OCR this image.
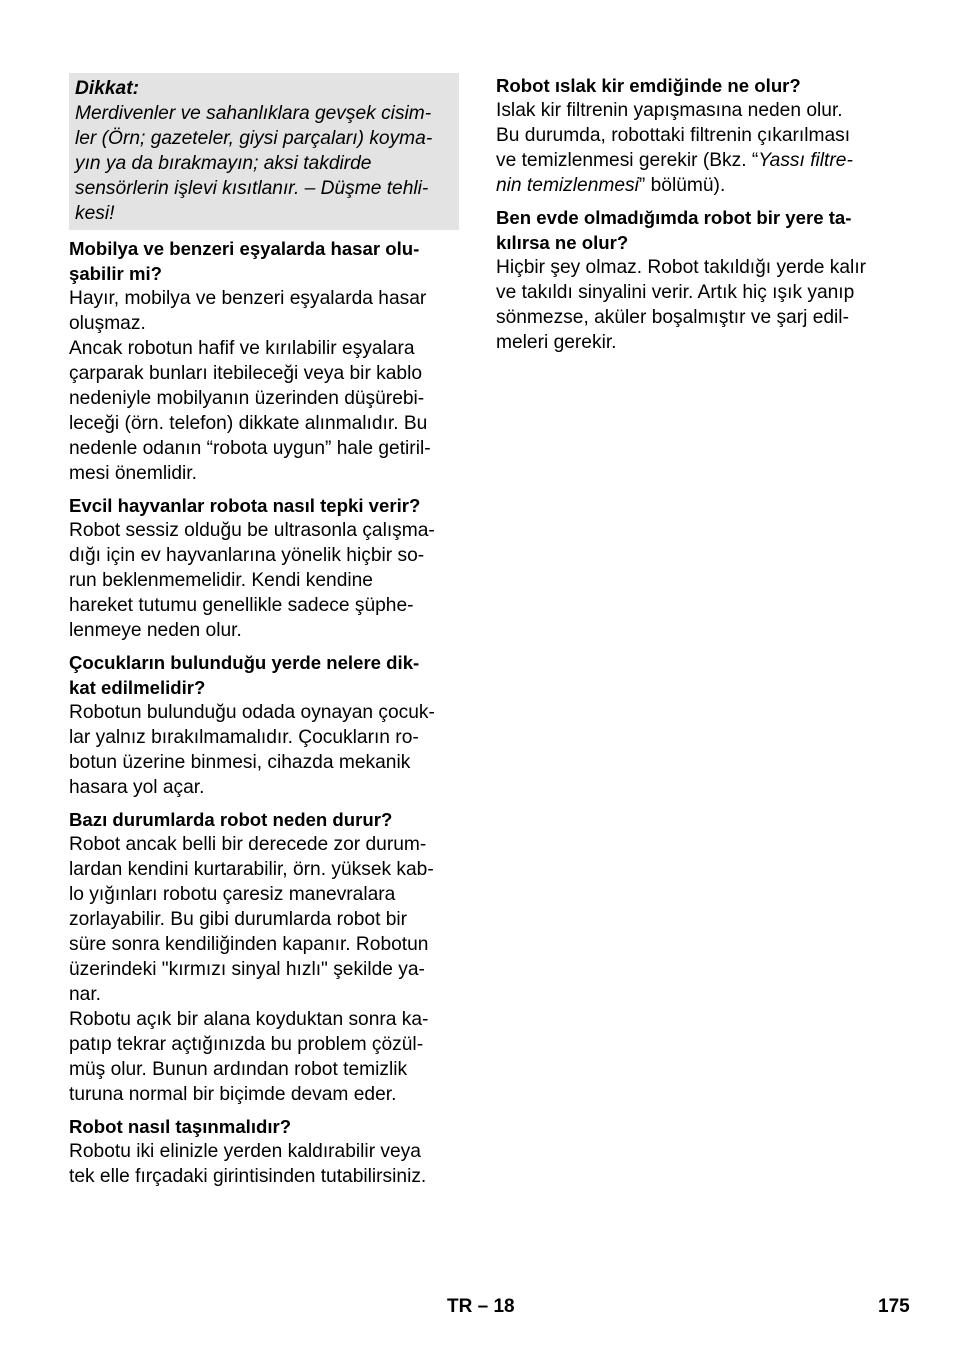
Dikkat:
Merdivenler ve sahanlıklara gevşek cisim-
ler (Örn; gazeteler, giysi parçaları) koyma-
yın ya da bırakmayın; aksi takdirde
sensörlerin işlevi kısıtlanır. – Düşme tehli-
kesi!
Mobilya ve benzeri eşyalarda hasar olu-
şabilir mi?
Hayır, mobilya ve benzeri eşyalarda hasar
oluşmaz.
Ancak robotun hafif ve kırılabilir eşyalara
çarparak bunları itebileceği veya bir kablo
nedeniyle mobilyanın üzerinden düşürebi-
leceği (örn. telefon) dikkate alınmalıdır. Bu
nedenle odanın “robota uygun” hale getiril-
mesi önemlidir.
Evcil hayvanlar robota nasıl tepki verir?
Robot sessiz olduğu be ultrasonla çalışma-
dığı için ev hayvanlarına yönelik hiçbir so-
run beklenmemelidir. Kendi kendine
hareket tutumu genellikle sadece şüphe-
lenmeye neden olur.
Çocukların bulunduğu yerde nelere dik-
kat edilmelidir?
Robotun bulunduğu odada oynayan çocuk-
lar yalnız bırakılmamalıdır. Çocukların ro-
botun üzerine binmesi, cihazda mekanik
hasara yol açar.
Bazı durumlarda robot neden durur?
Robot ancak belli bir derecede zor durum-
lardan kendini kurtarabilir, örn. yüksek kab-
lo yığınları robotu çaresiz manevralara
zorlayabilir. Bu gibi durumlarda robot bir
süre sonra kendiliğinden kapanır. Robotun
üzerindeki "kırmızı sinyal hızlı" şekilde ya-
nar.
Robotu açık bir alana koyduktan sonra ka-
patıp tekrar açtığınızda bu problem çözül-
müş olur. Bunun ardından robot temizlik
turuna normal bir biçimde devam eder.
Robot nasıl taşınmalıdır?
Robotu iki elinizle yerden kaldırabilir veya
tek elle fırçadaki girintisinden tutabilirsiniz.
Robot ıslak kir emdiğinde ne olur?
Islak kir filtrenin yapışmasına neden olur.
Bu durumda, robottaki filtrenin çıkarılması
ve temizlenmesi gerekir (Bkz. “Yassı filtre-
nin temizlenmesi” bölümü).
Ben evde olmadığımda robot bir yere ta-
kılırsa ne olur?
Hiçbir şey olmaz. Robot takıldığı yerde kalır
ve takıldı sinyalini verir. Artık hiç ışık yanıp
sönmezse, aküler boşalmıştır ve şarj edil-
meleri gerekir.
TR – 18	175
